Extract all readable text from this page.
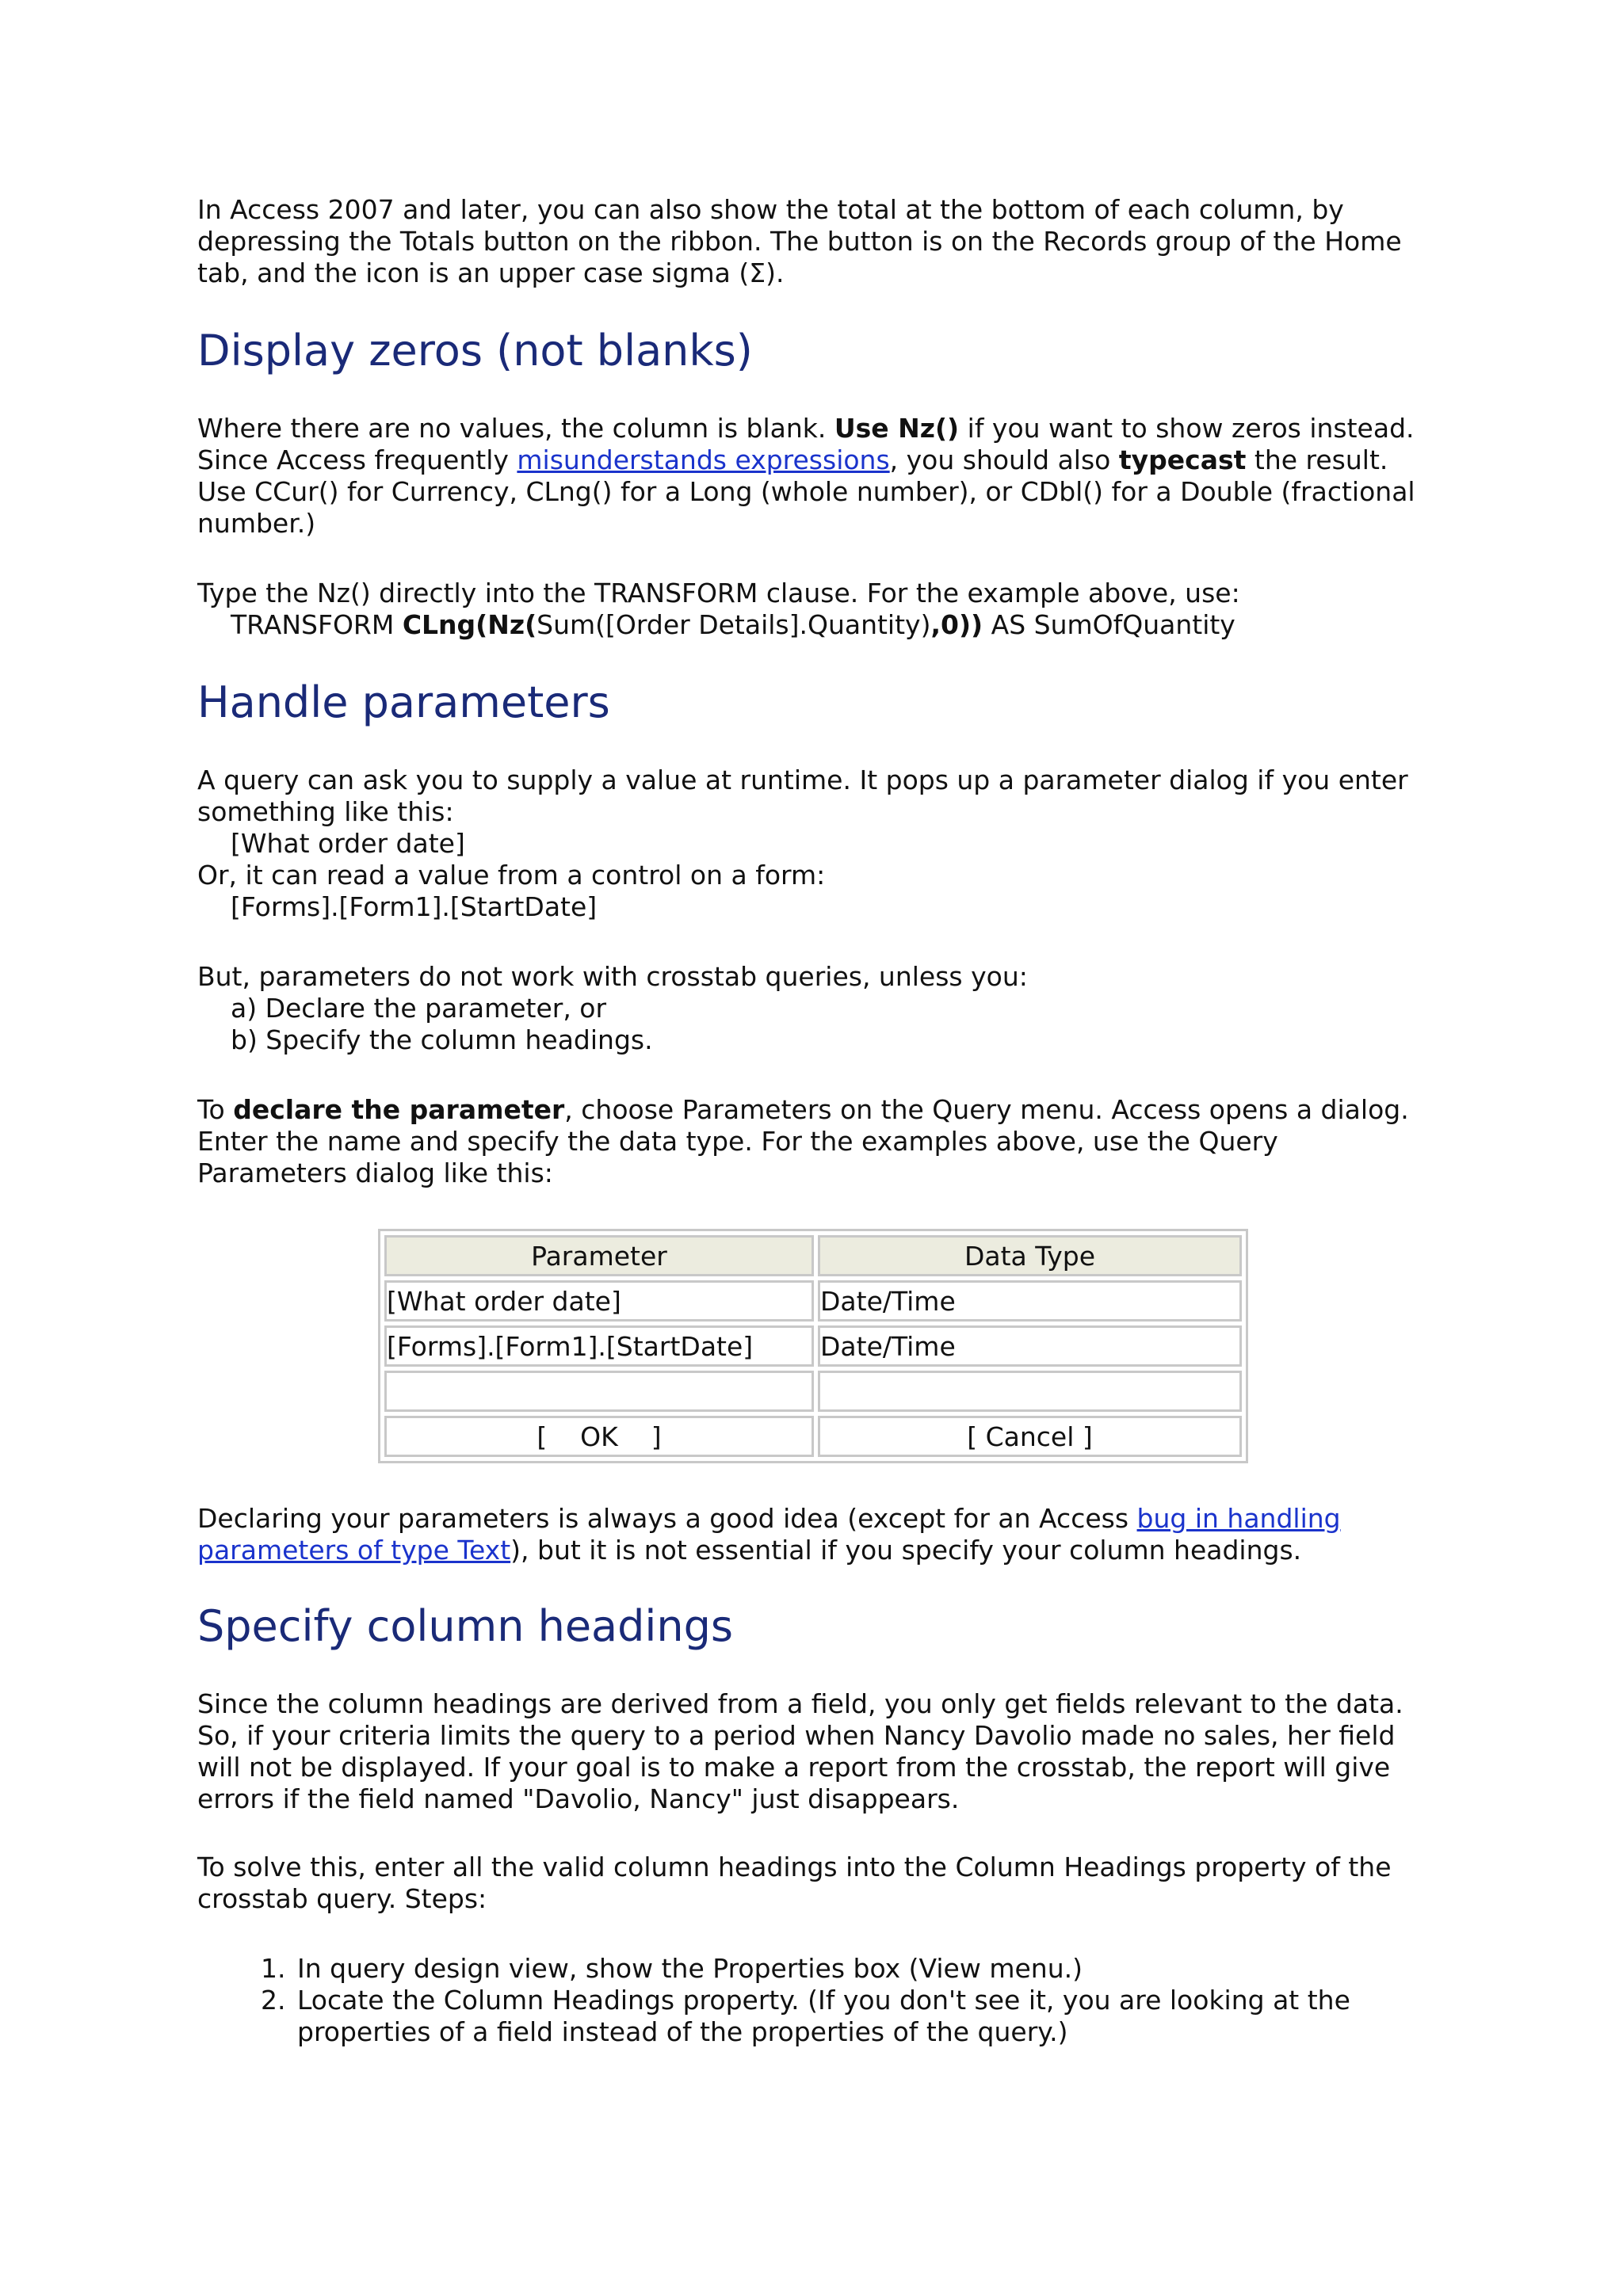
In Access 2007 and later, you can also show the total at the bottom of each column, by depressing the Totals button on the ribbon. The button is on the Records group of the Home tab, and the icon is an upper case sigma (Σ).

Display zeros (not blanks)

Where there are no values, the column is blank. Use Nz() if you want to show zeros instead. Since Access frequently misunderstands expressions, you should also typecast the result. Use CCur() for Currency, CLng() for a Long (whole number), or CDbl() for a Double (fractional number.)

Type the Nz() directly into the TRANSFORM clause. For the example above, use:
TRANSFORM CLng(Nz(Sum([Order Details].Quantity),0)) AS SumOfQuantity

Handle parameters

A query can ask you to supply a value at runtime. It pops up a parameter dialog if you enter something like this:
[What order date]
Or, it can read a value from a control on a form:
[Forms].[Form1].[StartDate]

But, parameters do not work with crosstab queries, unless you:
a) Declare the parameter, or
b) Specify the column headings.

To declare the parameter, choose Parameters on the Query menu. Access opens a dialog. Enter the name and specify the data type. For the examples above, use the Query Parameters dialog like this:

Parameter	Data Type
[What order date]	Date/Time
[Forms].[Form1].[StartDate]	Date/Time

[    OK    ]	[ Cancel ]

Declaring your parameters is always a good idea (except for an Access bug in handling parameters of type Text), but it is not essential if you specify your column headings.

Specify column headings

Since the column headings are derived from a field, you only get fields relevant to the data. So, if your criteria limits the query to a period when Nancy Davolio made no sales, her field will not be displayed. If your goal is to make a report from the crosstab, the report will give errors if the field named "Davolio, Nancy" just disappears.

To solve this, enter all the valid column headings into the Column Headings property of the crosstab query. Steps:

1. In query design view, show the Properties box (View menu.)
2. Locate the Column Headings property. (If you don't see it, you are looking at the properties of a field instead of the properties of the query.)
